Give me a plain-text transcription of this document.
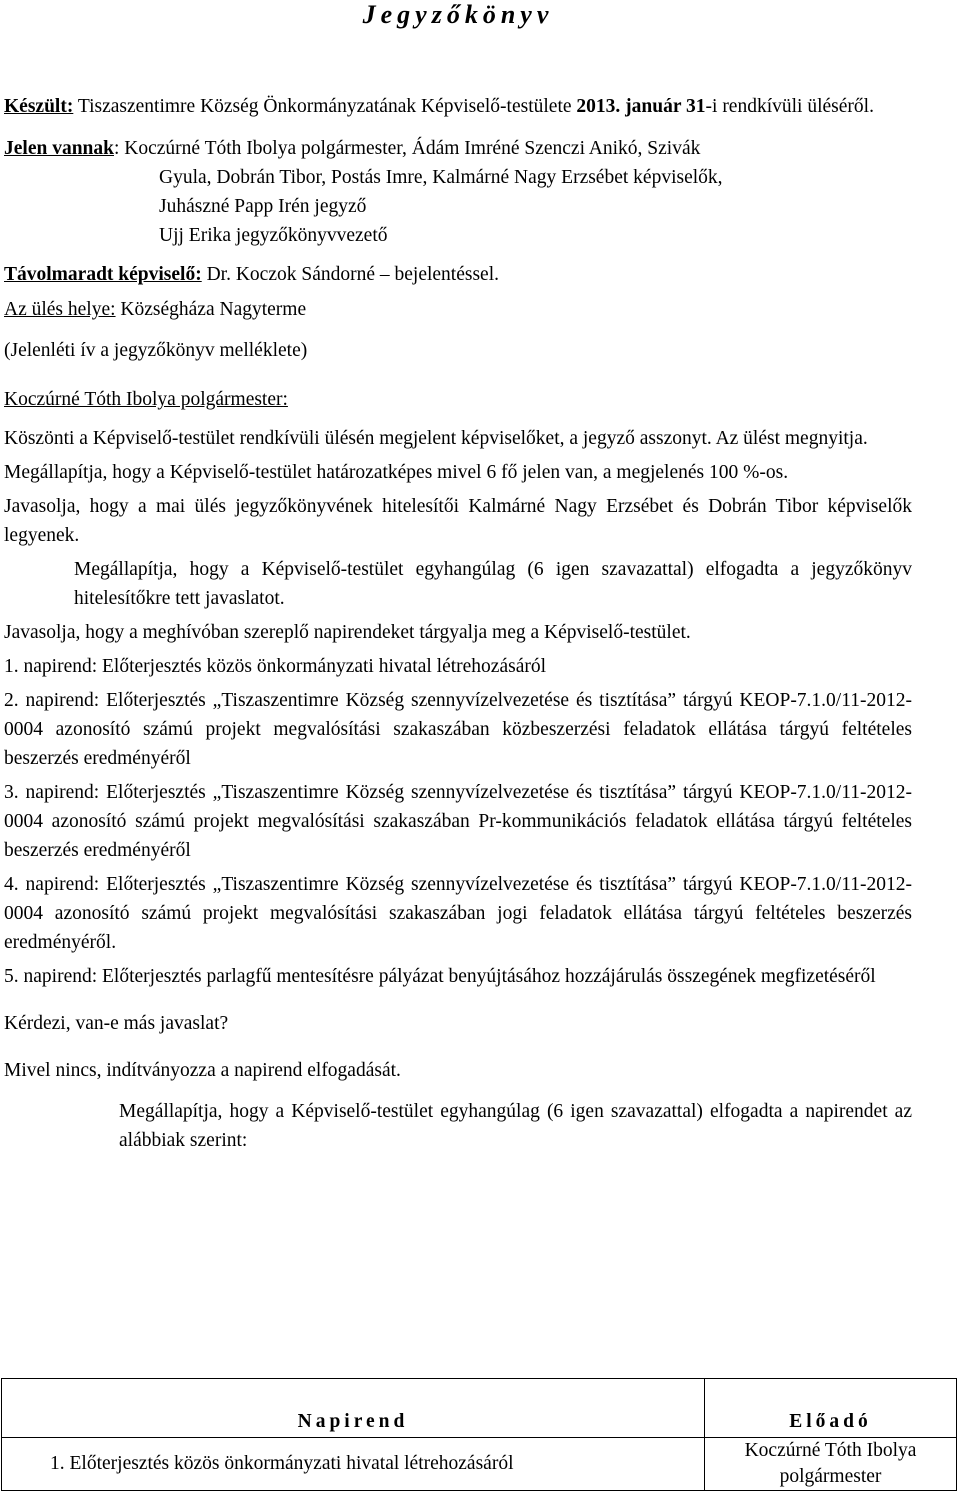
Jegyzőkönyv

Készült: Tiszaszentimre Község Önkormányzatának Képviselő-testülete 2013. január 31-i rendkívüli üléséről.

Jelen vannak: Koczúrné Tóth Ibolya polgármester, Ádám Imréné Szenczi Anikó, Szivák

Gyula, Dobrán Tibor, Postás Imre, Kalmárné Nagy Erzsébet képviselők,

Juhászné Papp Irén jegyző

Ujj Erika jegyzőkönyvvezető

Távolmaradt képviselő: Dr. Koczok Sándorné – bejelentéssel.

Az ülés helye: Községháza Nagyterme

(Jelenléti ív a jegyzőkönyv melléklete)

Koczúrné Tóth Ibolya polgármester:

Köszönti a Képviselő-testület rendkívüli ülésén megjelent képviselőket, a jegyző asszonyt. Az ülést megnyitja.

Megállapítja, hogy a Képviselő-testület határozatképes mivel 6 fő jelen van, a megjelenés 100 %-os.

Javasolja, hogy a mai ülés jegyzőkönyvének hitelesítői Kalmárné Nagy Erzsébet és Dobrán Tibor képviselők legyenek.

Megállapítja, hogy a Képviselő-testület egyhangúlag (6 igen szavazattal) elfogadta a jegyzőkönyv hitelesítőkre tett javaslatot.

Javasolja, hogy a meghívóban szereplő napirendeket tárgyalja meg a Képviselő-testület.

1. napirend: Előterjesztés közös önkormányzati hivatal létrehozásáról

2. napirend: Előterjesztés „Tiszaszentimre Község szennyvízelvezetése és tisztítása” tárgyú KEOP-7.1.0/11-2012-0004 azonosító számú projekt megvalósítási szakaszában közbeszerzési feladatok ellátása tárgyú feltételes beszerzés eredményéről

3. napirend: Előterjesztés „Tiszaszentimre Község szennyvízelvezetése és tisztítása” tárgyú KEOP-7.1.0/11-2012-0004 azonosító számú projekt megvalósítási szakaszában Pr-kommunikációs feladatok ellátása tárgyú feltételes beszerzés eredményéről

4. napirend: Előterjesztés „Tiszaszentimre Község szennyvízelvezetése és tisztítása” tárgyú KEOP-7.1.0/11-2012-0004 azonosító számú projekt megvalósítási szakaszában jogi feladatok ellátása tárgyú feltételes beszerzés eredményéről.

5. napirend: Előterjesztés parlagfű mentesítésre pályázat benyújtásához hozzájárulás összegének megfizetéséről

Kérdezi, van-e más javaslat?

Mivel nincs, indítványozza a napirend elfogadását.

Megállapítja, hogy a Képviselő-testület egyhangúlag (6 igen szavazattal) elfogadta a napirendet az alábbiak szerint:

Napirend	Előadó
1. Előterjesztés közös önkormányzati hivatal létrehozásáról	Koczúrné Tóth Ibolya polgármester
